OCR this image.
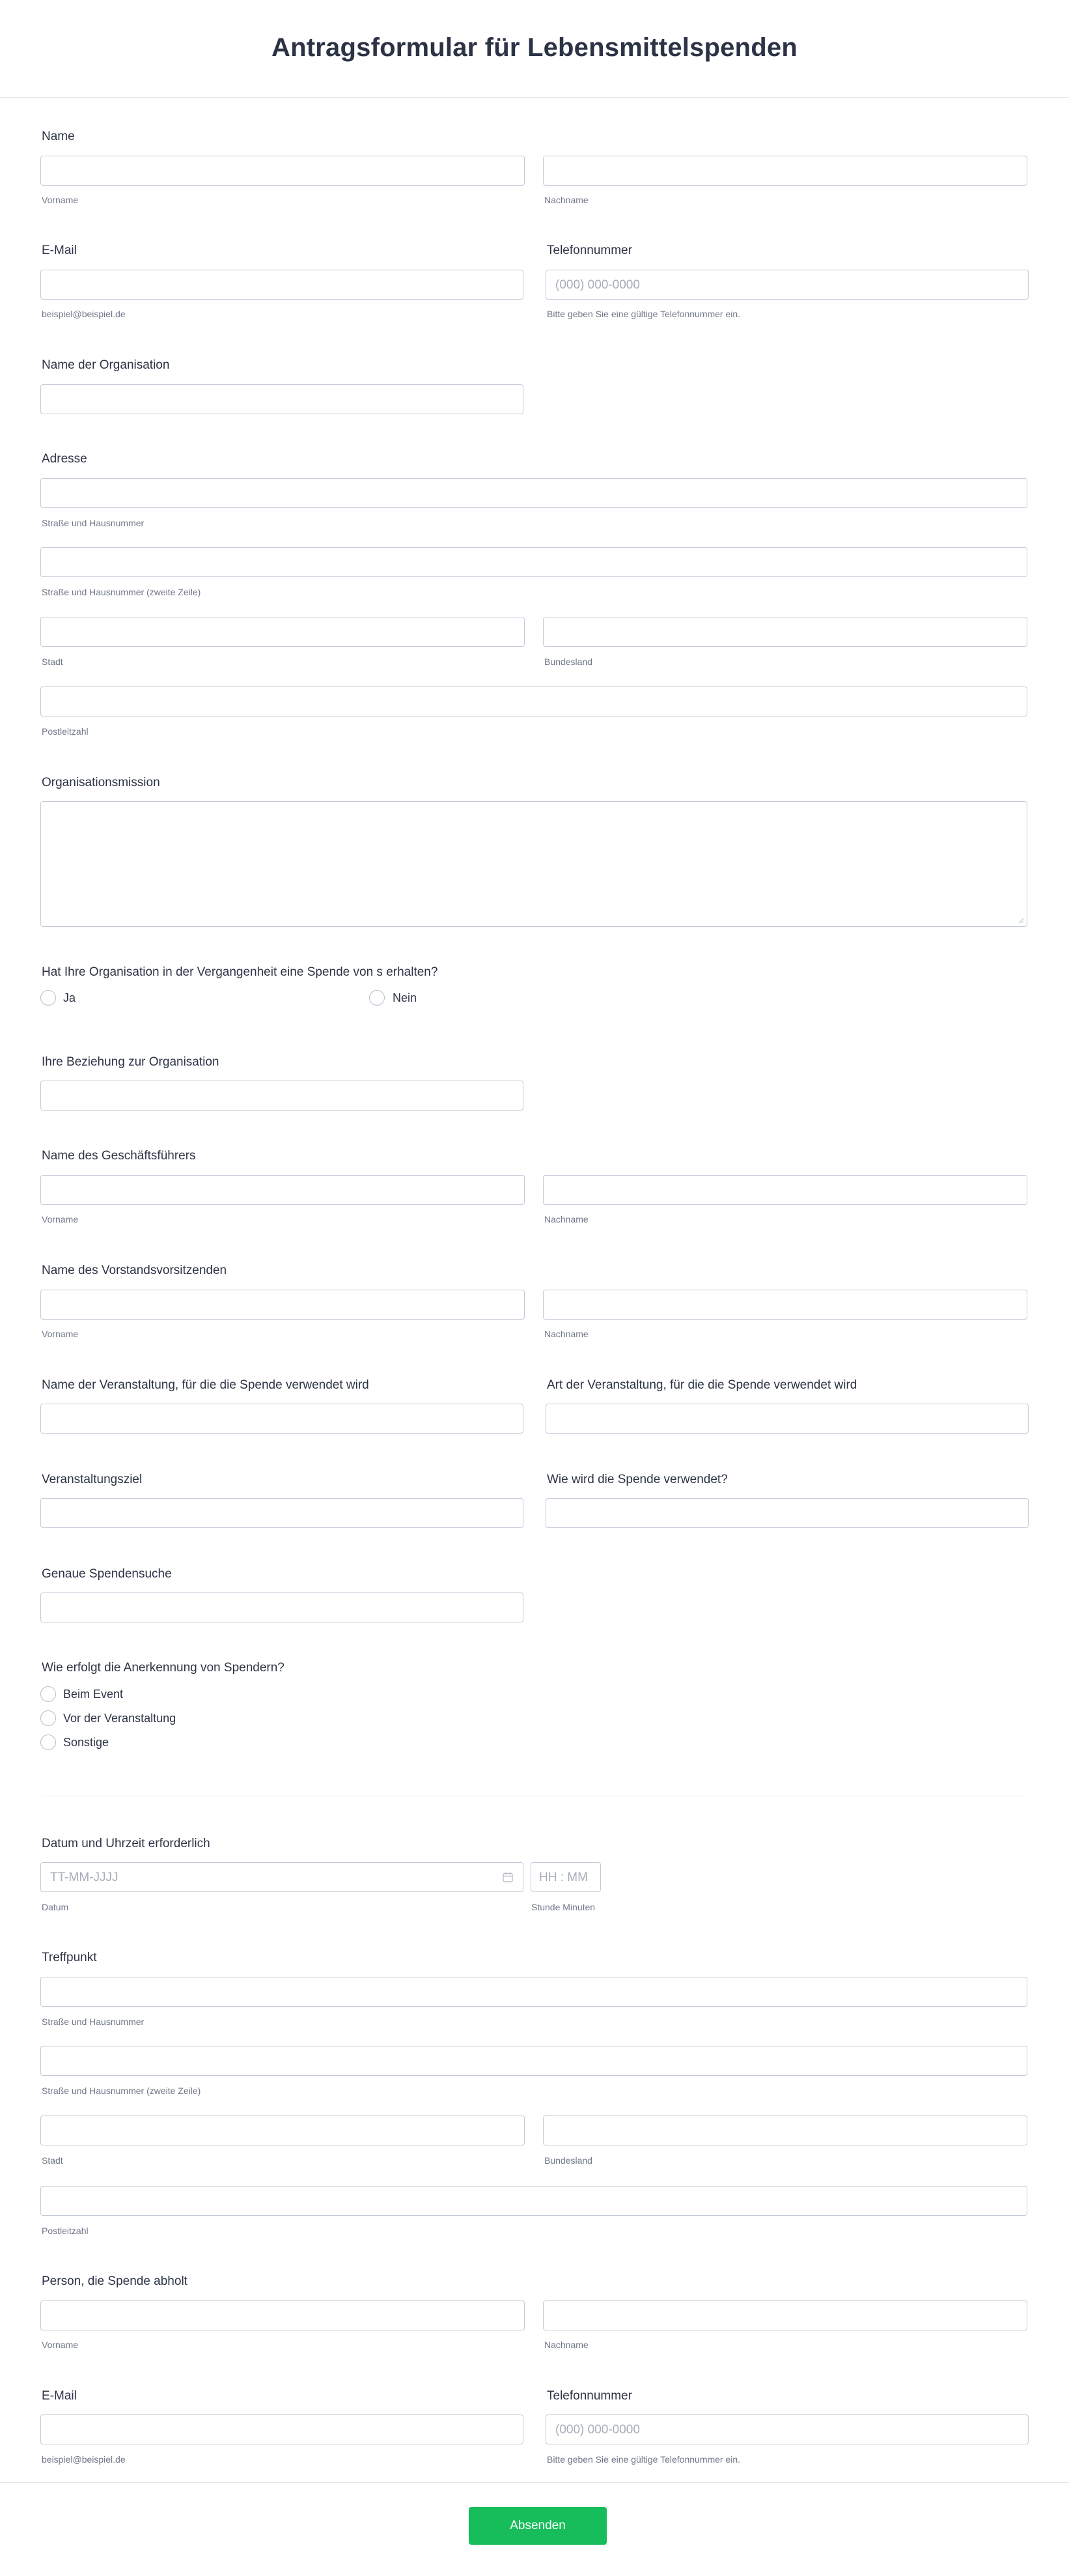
Antragsformular für Lebensmittelspenden
Name
Vorname	Nachname
E-Mail
beispiel@beispiel.de
Telefonnummer
(000) 000-0000
Bitte geben Sie eine gültige Telefonnummer ein.
Name der Organisation
Adresse
Straße und Hausnummer
Straße und Hausnummer (zweite Zeile)
Stadt	Bundesland
Postleitzahl
Organisationsmission
Hat Ihre Organisation in der Vergangenheit eine Spende von s erhalten?
Ja	Nein
Ihre Beziehung zur Organisation
Name des Geschäftsführers
Vorname	Nachname
Name des Vorstandsvorsitzenden
Vorname	Nachname
Name der Veranstaltung, für die die Spende verwendet wird	Art der Veranstaltung, für die die Spende verwendet wird
Veranstaltungsziel	Wie wird die Spende verwendet?
Genaue Spendensuche
Wie erfolgt die Anerkennung von Spendern?
Beim Event
Vor der Veranstaltung
Sonstige
Datum und Uhrzeit erforderlich
TT-MM-JJJJ	HH : MM
Datum	Stunde Minuten
Treffpunkt
Straße und Hausnummer
Straße und Hausnummer (zweite Zeile)
Stadt	Bundesland
Postleitzahl
Person, die Spende abholt
Vorname	Nachname
E-Mail
beispiel@beispiel.de
Telefonnummer
(000) 000-0000
Bitte geben Sie eine gültige Telefonnummer ein.
Absenden
